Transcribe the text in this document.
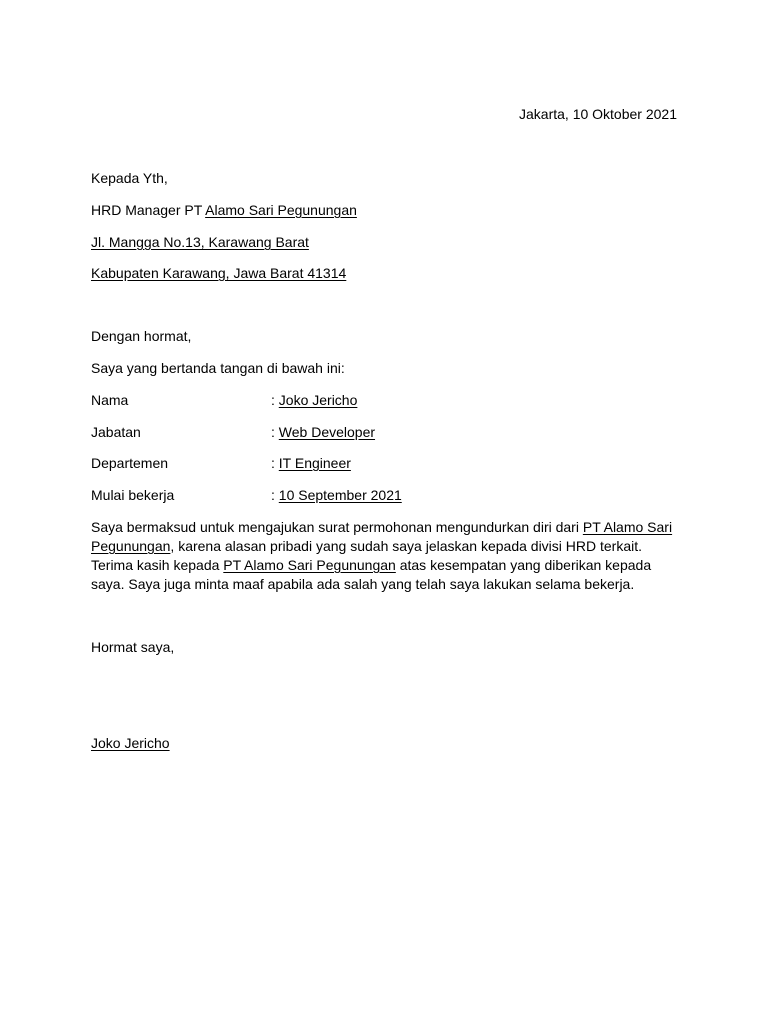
Jakarta, 10 Oktober 2021
Kepada Yth,
HRD Manager PT Alamo Sari Pegunungan
Jl. Mangga No.13, Karawang Barat
Kabupaten Karawang, Jawa Barat 41314
Dengan hormat,
Saya yang bertanda tangan di bawah ini:
Nama	: Joko Jericho
Jabatan	: Web Developer
Departemen	: IT Engineer
Mulai bekerja	: 10 September 2021
Saya bermaksud untuk mengajukan surat permohonan mengundurkan diri dari PT Alamo Sari Pegunungan, karena alasan pribadi yang sudah saya jelaskan kepada divisi HRD terkait. Terima kasih kepada PT Alamo Sari Pegunungan atas kesempatan yang diberikan kepada saya. Saya juga minta maaf apabila ada salah yang telah saya lakukan selama bekerja.
Hormat saya,
Joko Jericho
